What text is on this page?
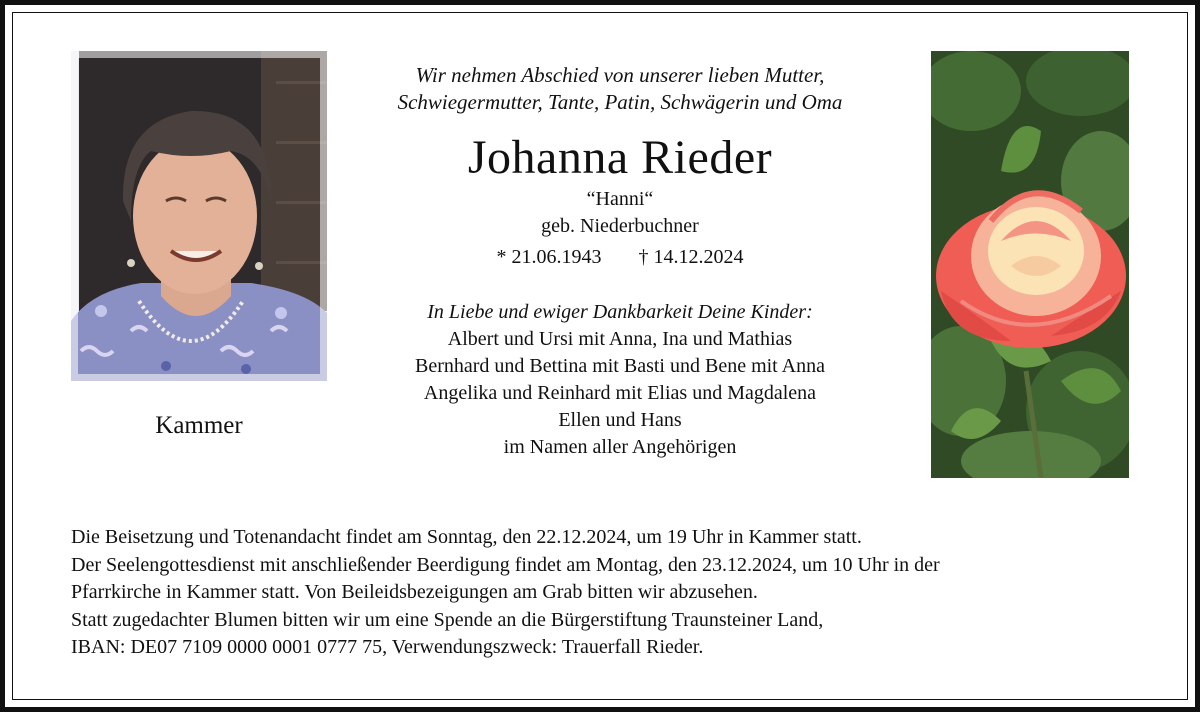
Kammer
Wir nehmen Abschied von unserer lieben Mutter,
Schwiegermutter, Tante, Patin, Schwägerin und Oma
Johanna Rieder
“Hanni“
geb. Niederbuchner
* 21.06.1943 † 14.12.2024
In Liebe und ewiger Dankbarkeit Deine Kinder:
Albert und Ursi mit Anna, Ina und Mathias
Bernhard und Bettina mit Basti und Bene mit Anna
Angelika und Reinhard mit Elias und Magdalena
Ellen und Hans
im Namen aller Angehörigen
Die Beisetzung und Totenandacht findet am Sonntag, den 22.12.2024, um 19 Uhr in Kammer statt.
Der Seelengottesdienst mit anschließender Beerdigung findet am Montag, den 23.12.2024, um 10 Uhr in der
Pfarrkirche in Kammer statt. Von Beileidsbezeigungen am Grab bitten wir abzusehen.
Statt zugedachter Blumen bitten wir um eine Spende an die Bürgerstiftung Traunsteiner Land,
IBAN: DE07 7109 0000 0001 0777 75, Verwendungszweck: Trauerfall Rieder.
